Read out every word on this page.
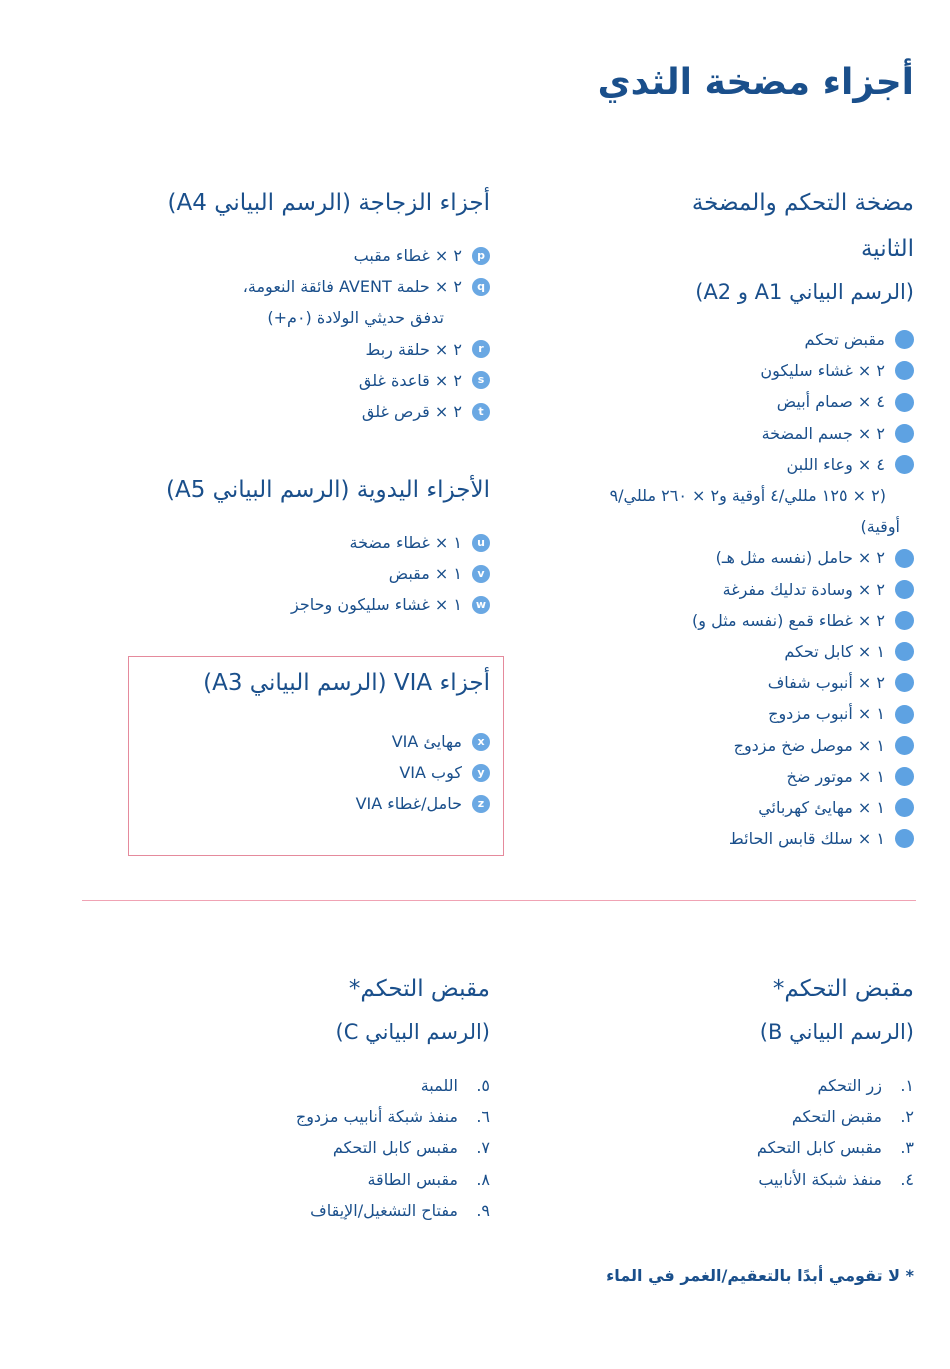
أجزاء مضخة الثدي
مضخة التحكم والمضخة
الثانية
(الرسم البياني A1 و A2)
مقبض تحكم
٢ × غشاء سليكون
٤ × صمام أبيض
٢ × جسم المضخة
٤ × وعاء اللبن
(٢ × ١٢٥ مللي/٤ أوقية و٢ × ٢٦٠ مللي/٩
أوقية)
٢ × حامل (نفسه مثل هـ)
٢ × وسادة تدليك مفرغة
٢ × غطاء قمع (نفسه مثل و)
١ × كابل تحكم
٢ × أنبوب شفاف
١ × أنبوب مزدوج
١ × موصل ضخ مزدوج
١ × موتور ضخ
١ × مهايئ كهربائي
١ × سلك قابس الحائط
أجزاء الزجاجة (الرسم البياني A4)
p
٢ × غطاء مقبب
q
٢ × حلمة AVENT فائقة النعومة،
تدفق حديثي الولادة (٠م+)
r
٢ × حلقة ربط
s
٢ × قاعدة غلق
t
٢ × قرص غلق
الأجزاء اليدوية (الرسم البياني A5)
u
١ × غطاء مضخة
v
١ × مقبض
w
١ × غشاء سليكون وحاجز
أجزاء VIA (الرسم البياني A3)
x
مهايئ VIA
y
كوب VIA
z
حامل/غطاء VIA
مقبض التحكم*
(الرسم البياني B)
١.زر التحكم
٢.مقبض التحكم
٣.مقبس كابل التحكم
٤.منفذ شبكة الأنابيب
مقبض التحكم*
(الرسم البياني C)
٥.اللمبة
٦.منفذ شبكة أنابيب مزدوج
٧.مقبس كابل التحكم
٨.مقبس الطاقة
٩.مفتاح التشغيل/الإيقاف

* لا تقومي أبدًا بالتعقيم/الغمر في الماء
